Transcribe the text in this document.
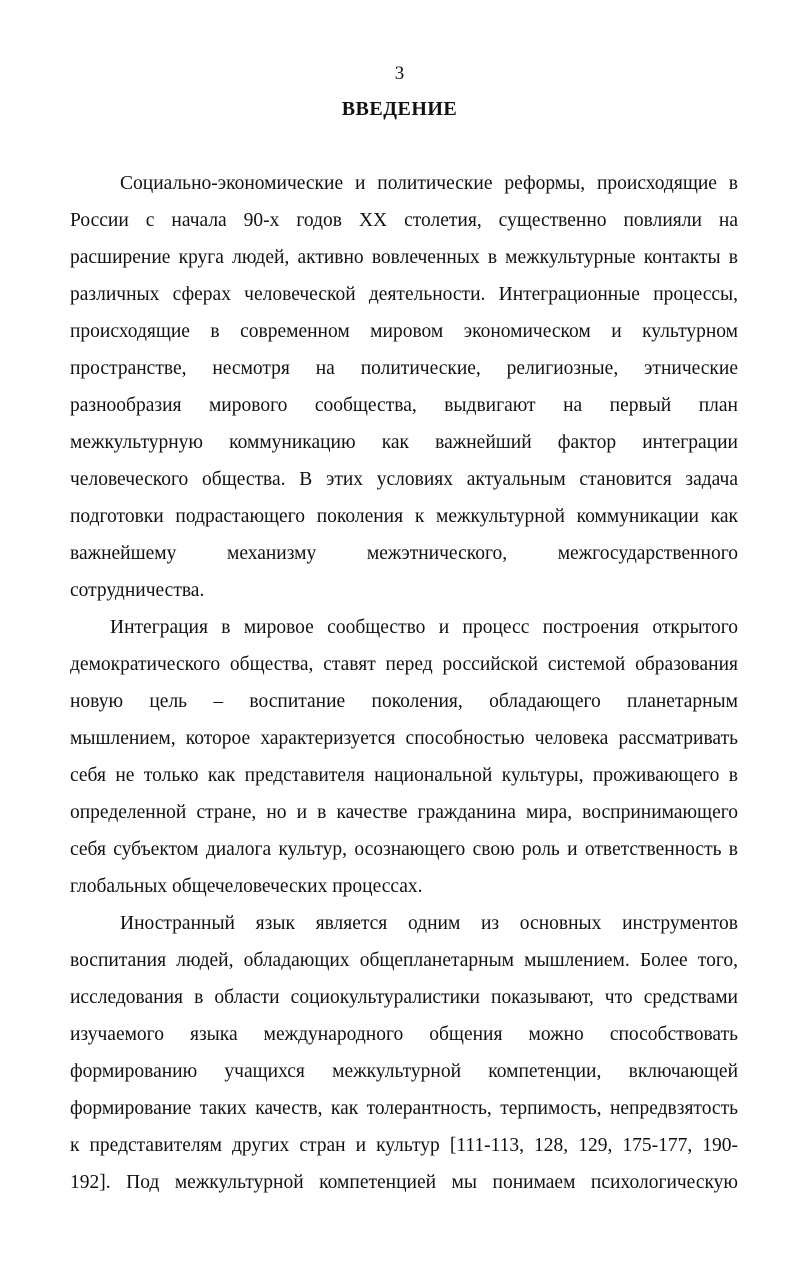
3
ВВЕДЕНИЕ
Социально-экономические и политические реформы, происходящие в
России с начала 90-х годов XX столетия, существенно повлияли на
расширение круга людей, активно вовлеченных в межкультурные контакты в
различных сферах человеческой деятельности. Интеграционные процессы,
происходящие в современном мировом экономическом и культурном
пространстве, несмотря на политические, религиозные, этнические
разнообразия мирового сообщества, выдвигают на первый план
межкультурную коммуникацию как важнейший фактор интеграции
человеческого общества. В этих условиях актуальным становится задача
подготовки подрастающего поколения к межкультурной коммуникации как
важнейшему механизму межэтнического, межгосударственного
сотрудничества.
Интеграция в мировое сообщество и процесс построения открытого
демократического общества, ставят перед российской системой образования
новую цель – воспитание поколения, обладающего планетарным
мышлением, которое характеризуется способностью человека рассматривать
себя не только как представителя национальной культуры, проживающего в
определенной стране, но и в качестве гражданина мира, воспринимающего
себя субъектом диалога культур, осознающего свою роль и ответственность в
глобальных общечеловеческих процессах.
Иностранный язык является одним из основных инструментов
воспитания людей, обладающих общепланетарным мышлением. Более того,
исследования в области социокультуралистики показывают, что средствами
изучаемого языка международного общения можно способствовать
формированию учащихся межкультурной компетенции, включающей
формирование таких качеств, как толерантность, терпимость, непредвзятость
к представителям других стран и культур [111-113, 128, 129, 175-177, 190-
192]. Под межкультурной компетенцией мы понимаем психологическую
